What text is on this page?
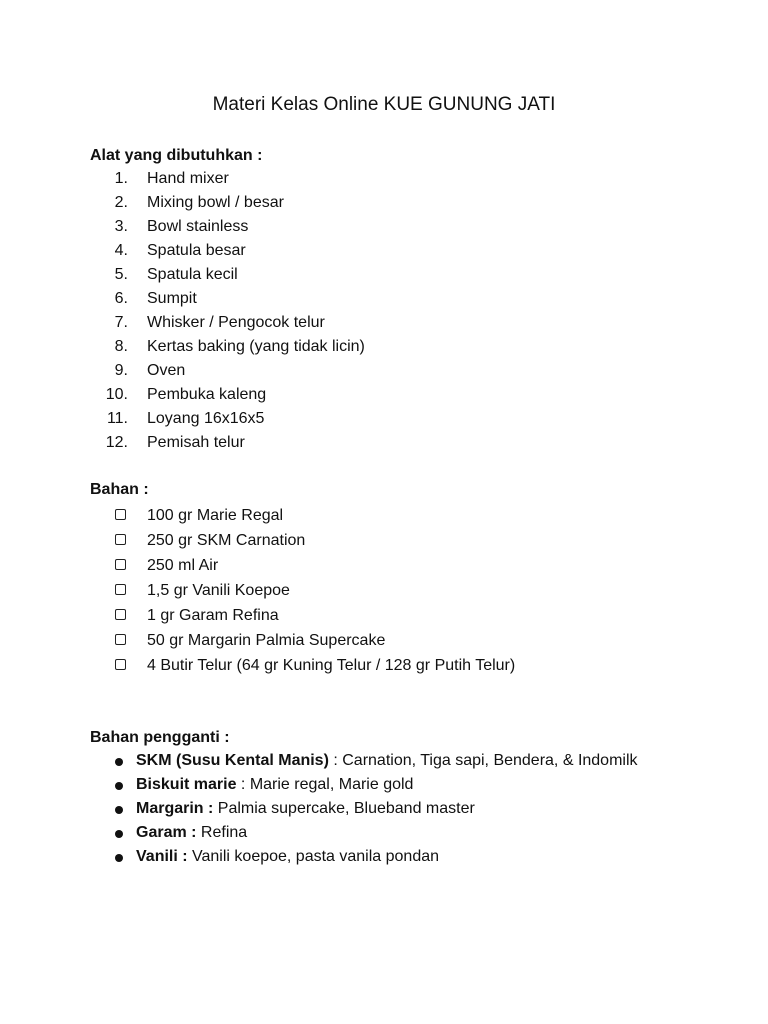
Materi Kelas Online KUE GUNUNG JATI
Alat yang dibutuhkan :
1. Hand mixer
2. Mixing bowl / besar
3. Bowl stainless
4. Spatula besar
5. Spatula kecil
6. Sumpit
7. Whisker / Pengocok telur
8. Kertas baking (yang tidak licin)
9. Oven
10. Pembuka kaleng
11. Loyang 16x16x5
12. Pemisah telur
Bahan :
100 gr Marie Regal
250 gr SKM Carnation
250 ml Air
1,5 gr Vanili Koepoe
1 gr Garam Refina
50 gr Margarin Palmia Supercake
4 Butir Telur (64 gr Kuning Telur / 128 gr Putih Telur)
Bahan pengganti :
SKM (Susu Kental Manis) : Carnation, Tiga sapi, Bendera, & Indomilk
Biskuit marie : Marie regal, Marie gold
Margarin : Palmia supercake, Blueband master
Garam : Refina
Vanili : Vanili koepoe, pasta vanila pondan
